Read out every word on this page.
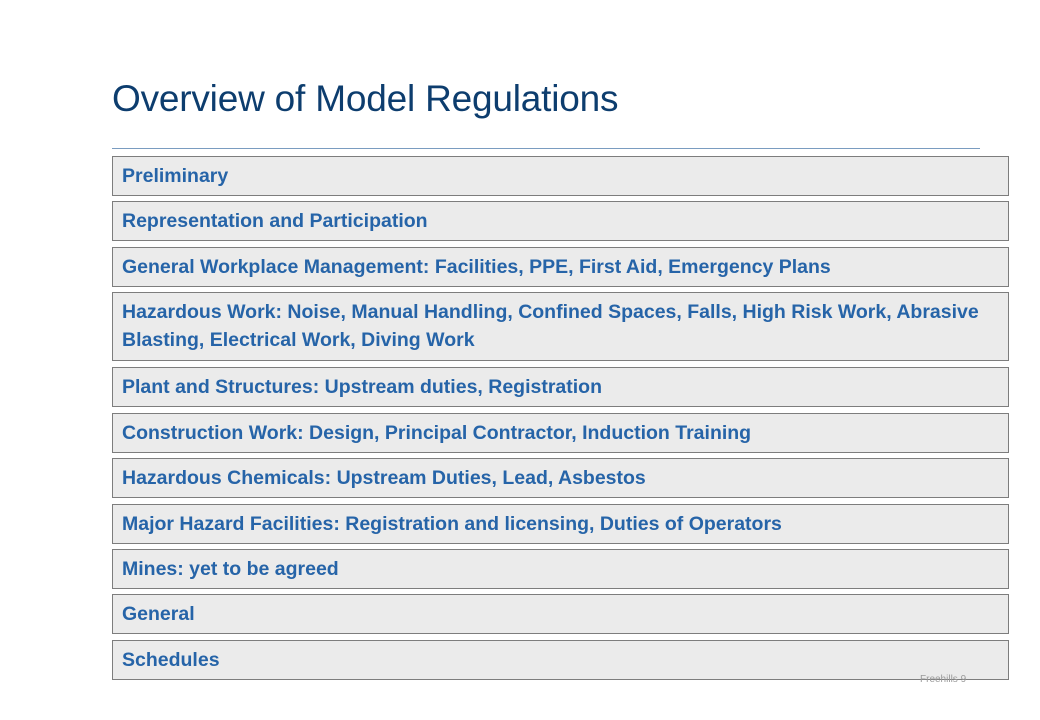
Overview of Model Regulations
Preliminary
Representation and Participation
General Workplace Management: Facilities, PPE, First Aid, Emergency Plans
Hazardous Work: Noise, Manual Handling, Confined Spaces, Falls, High Risk Work, Abrasive Blasting, Electrical Work, Diving Work
Plant and Structures: Upstream duties, Registration
Construction Work: Design, Principal Contractor, Induction Training
Hazardous Chemicals: Upstream Duties, Lead, Asbestos
Major Hazard Facilities: Registration and licensing, Duties of Operators
Mines: yet to be agreed
General
Schedules
Freehills 9
